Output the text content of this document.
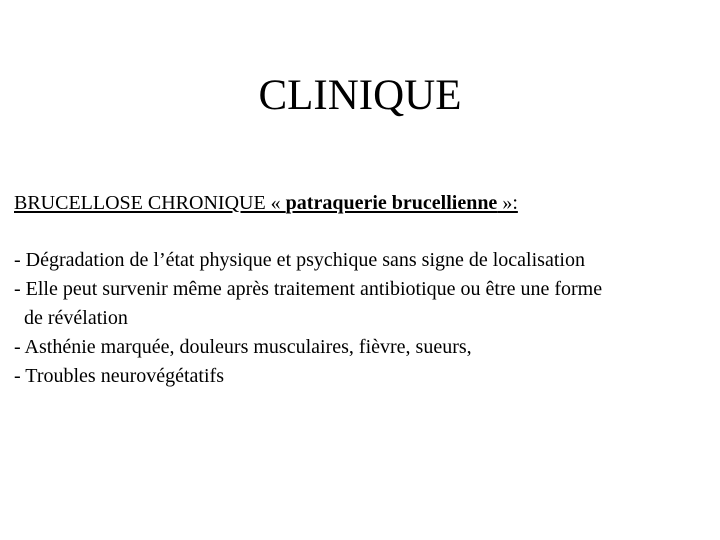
CLINIQUE

BRUCELLOSE CHRONIQUE « patraquerie brucellienne »:

- Dégradation de l’état physique et psychique sans signe de localisation
- Elle peut survenir même après traitement antibiotique ou être une forme
de révélation
- Asthénie marquée, douleurs musculaires, fièvre, sueurs,
- Troubles neurovégétatifs
